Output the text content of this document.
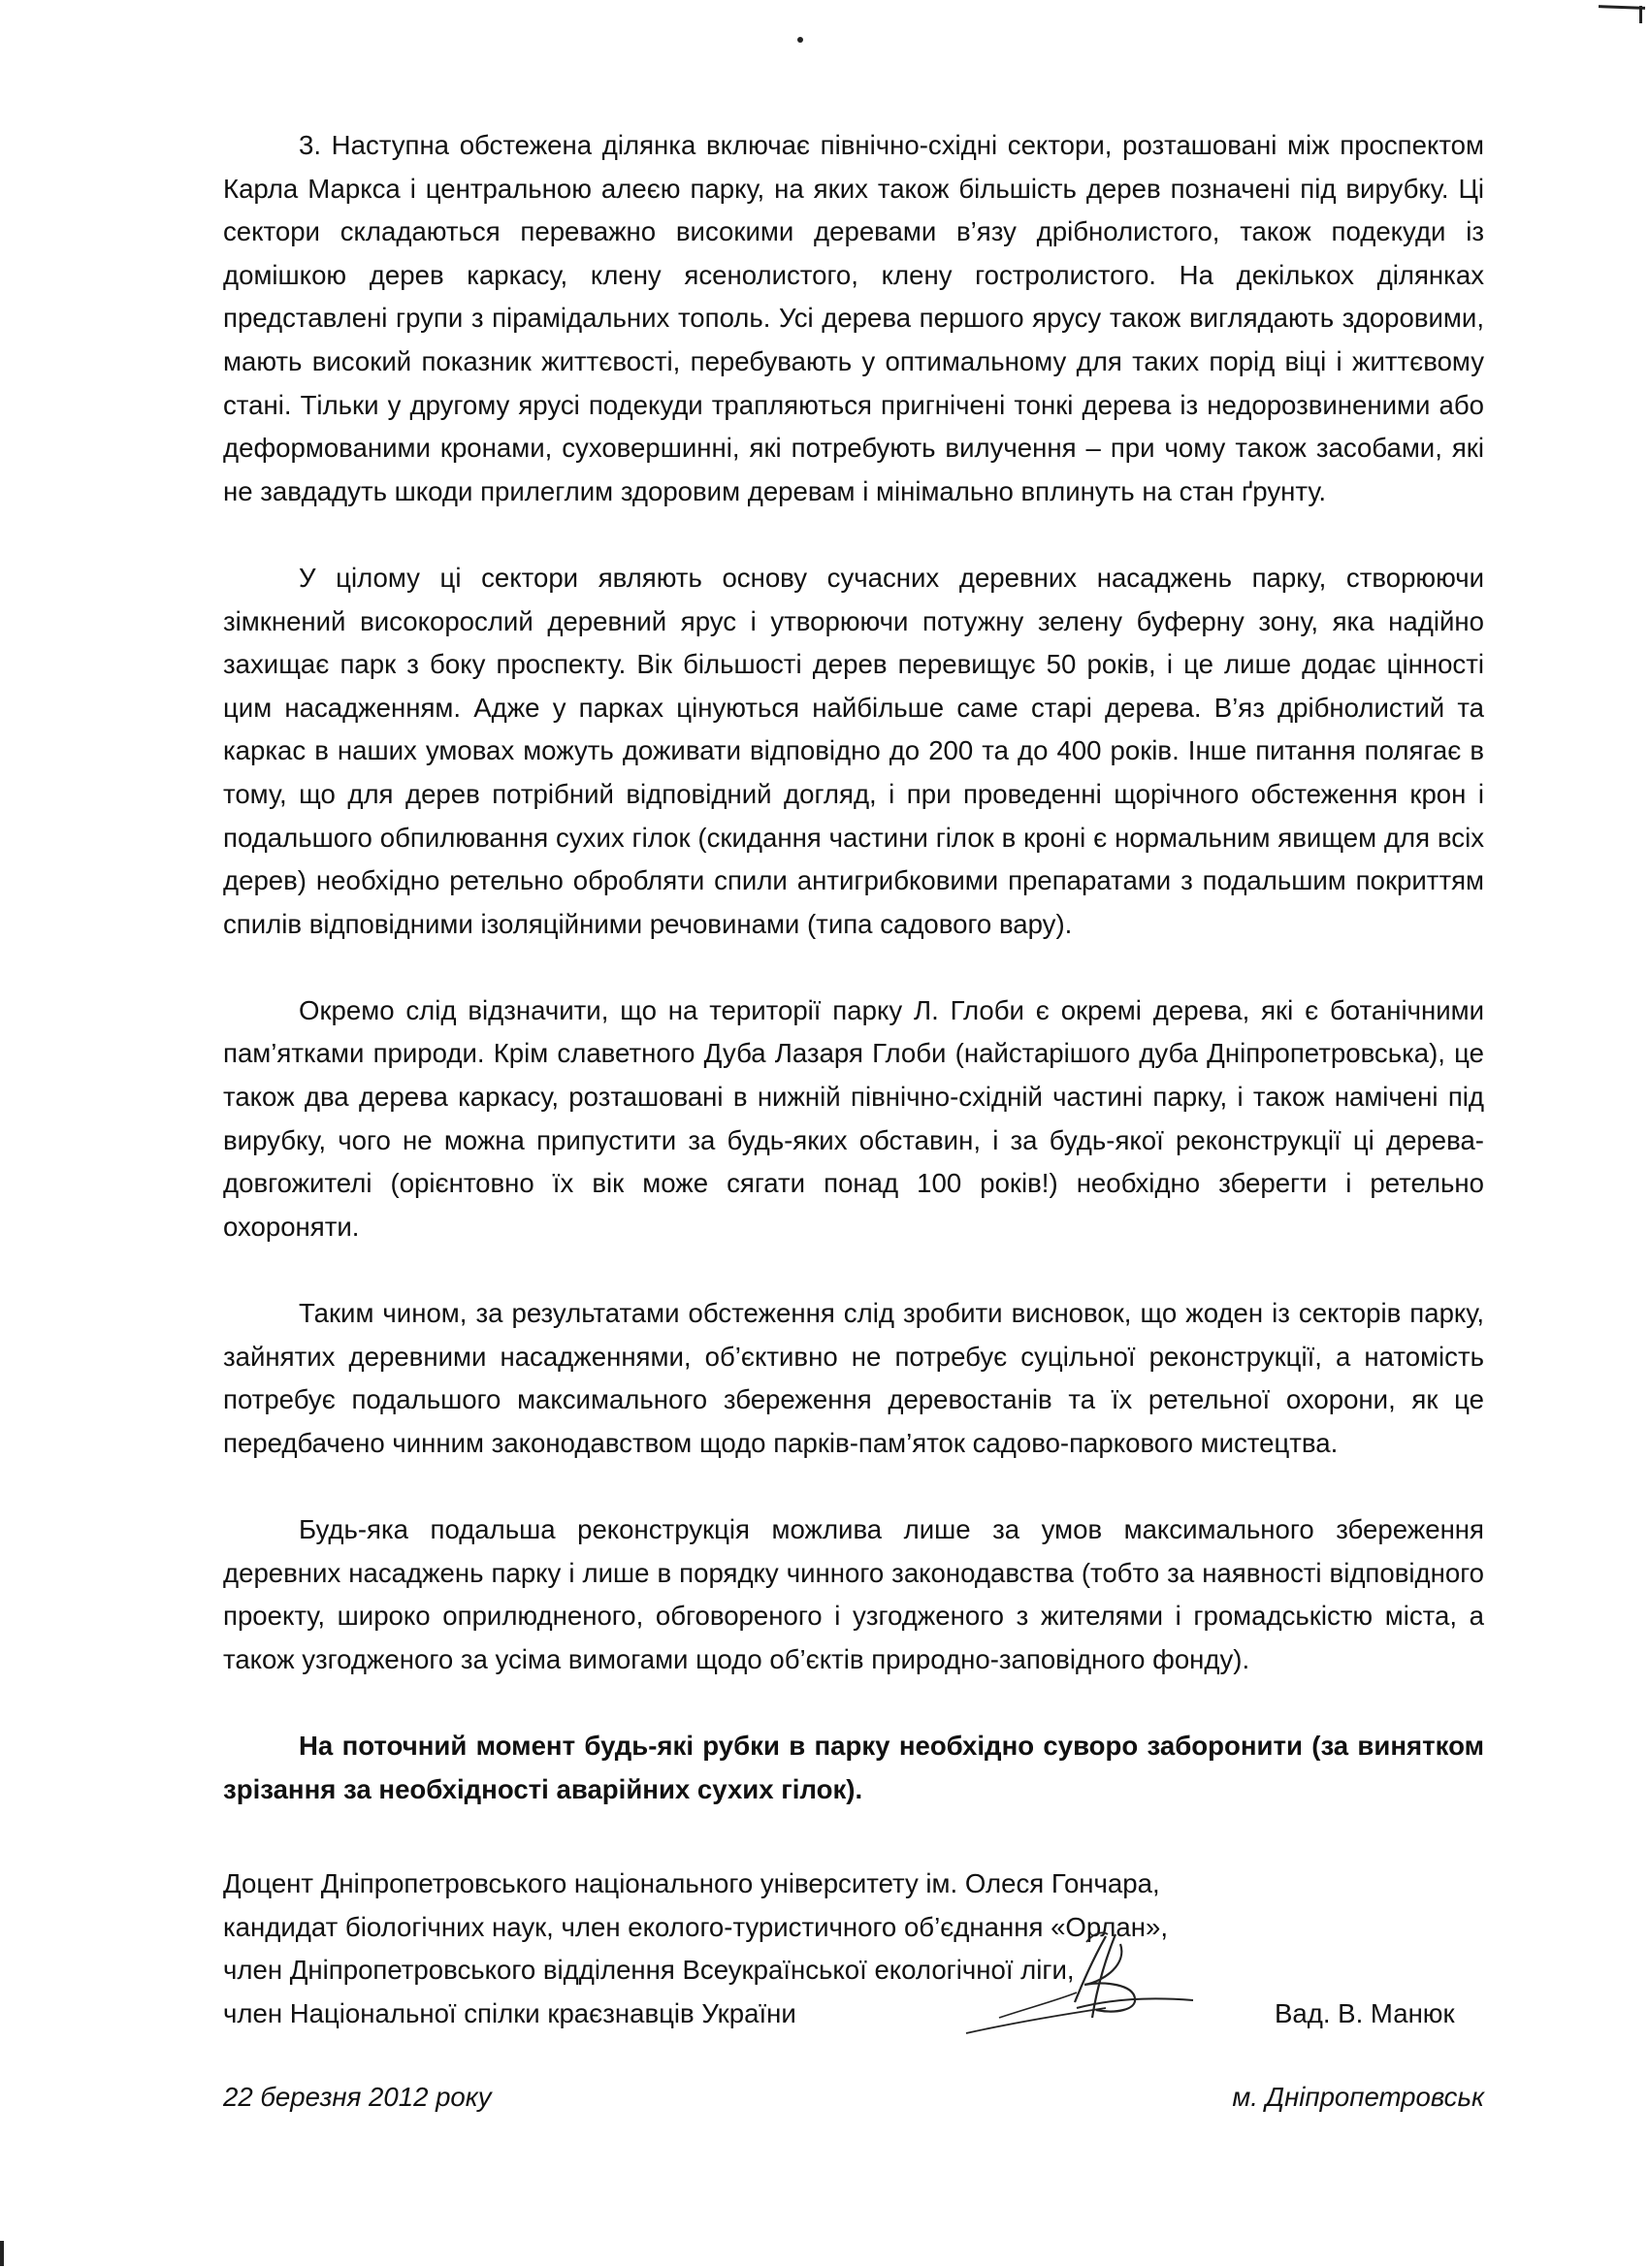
3. Наступна обстежена ділянка включає північно-східні сектори, розташовані між проспектом Карла Маркса і центральною алеєю парку, на яких також більшість дерев позначені під вирубку. Ці сектори складаються переважно високими деревами в’язу дрібнолистого, також подекуди із домішкою дерев каркасу, клену ясенолистого, клену гостролистого. На декількох ділянках представлені групи з пірамідальних тополь. Усі дерева першого ярусу також виглядають здоровими, мають високий показник життєвості, перебувають у оптимальному для таких порід віці і життєвому стані. Тільки у другому ярусі подекуди трапляються пригнічені тонкі дерева із недорозвиненими або деформованими кронами, суховершинні, які потребують вилучення – при чому також засобами, які не завдадуть шкоди прилеглим здоровим деревам і мінімально вплинуть на стан ґрунту.

У цілому ці сектори являють основу сучасних деревних насаджень парку, створюючи зімкнений високорослий деревний ярус і утворюючи потужну зелену буферну зону, яка надійно захищає парк з боку проспекту. Вік більшості дерев перевищує 50 років, і це лише додає цінності цим насадженням. Адже у парках цінуються найбільше саме старі дерева. В’яз дрібнолистий та каркас в наших умовах можуть доживати відповідно до 200 та до 400 років. Інше питання полягає в тому, що для дерев потрібний відповідний догляд, і при проведенні щорічного обстеження крон і подальшого обпилювання сухих гілок (скидання частини гілок в кроні є нормальним явищем для всіх дерев) необхідно ретельно обробляти спили антигрибковими препаратами з подальшим покриттям спилів відповідними ізоляційними речовинами (типа садового вару).

Окремо слід відзначити, що на території парку Л. Глоби є окремі дерева, які є ботанічними пам’ятками природи. Крім славетного Дуба Лазаря Глоби (найстарішого дуба Дніпропетровська), це також два дерева каркасу, розташовані в нижній північно-східній частині парку, і також намічені під вирубку, чого не можна припустити за будь-яких обставин, і за будь-якої реконструкції ці дерева-довгожителі (орієнтовно їх вік може сягати понад 100 років!) необхідно зберегти і ретельно охороняти.

Таким чином, за результатами обстеження слід зробити висновок, що жоден із секторів парку, зайнятих деревними насадженнями, об’єктивно не потребує суцільної реконструкції, а натомість потребує подальшого максимального збереження деревостанів та їх ретельної охорони, як це передбачено чинним законодавством щодо парків-пам’яток садово-паркового мистецтва.

Будь-яка подальша реконструкція можлива лише за умов максимального збереження деревних насаджень парку і лише в порядку чинного законодавства (тобто за наявності відповідного проекту, широко оприлюдненого, обговореного і узгодженого з жителями і громадськістю міста, а також узгодженого за усіма вимогами щодо об’єктів природно-заповідного фонду).

На поточний момент будь-які рубки в парку необхідно суворо заборонити (за винятком зрізання за необхідності аварійних сухих гілок).

Доцент Дніпропетровського національного університету ім. Олеся Гончара,
кандидат біологічних наук, член еколого-туристичного об’єднання «Орлан»,
член Дніпропетровського відділення Всеукраїнської екологічної ліги,
член Національної спілки краєзнавців України	Вад. В. Манюк
22 березня 2012 року	м. Дніпропетровськ
